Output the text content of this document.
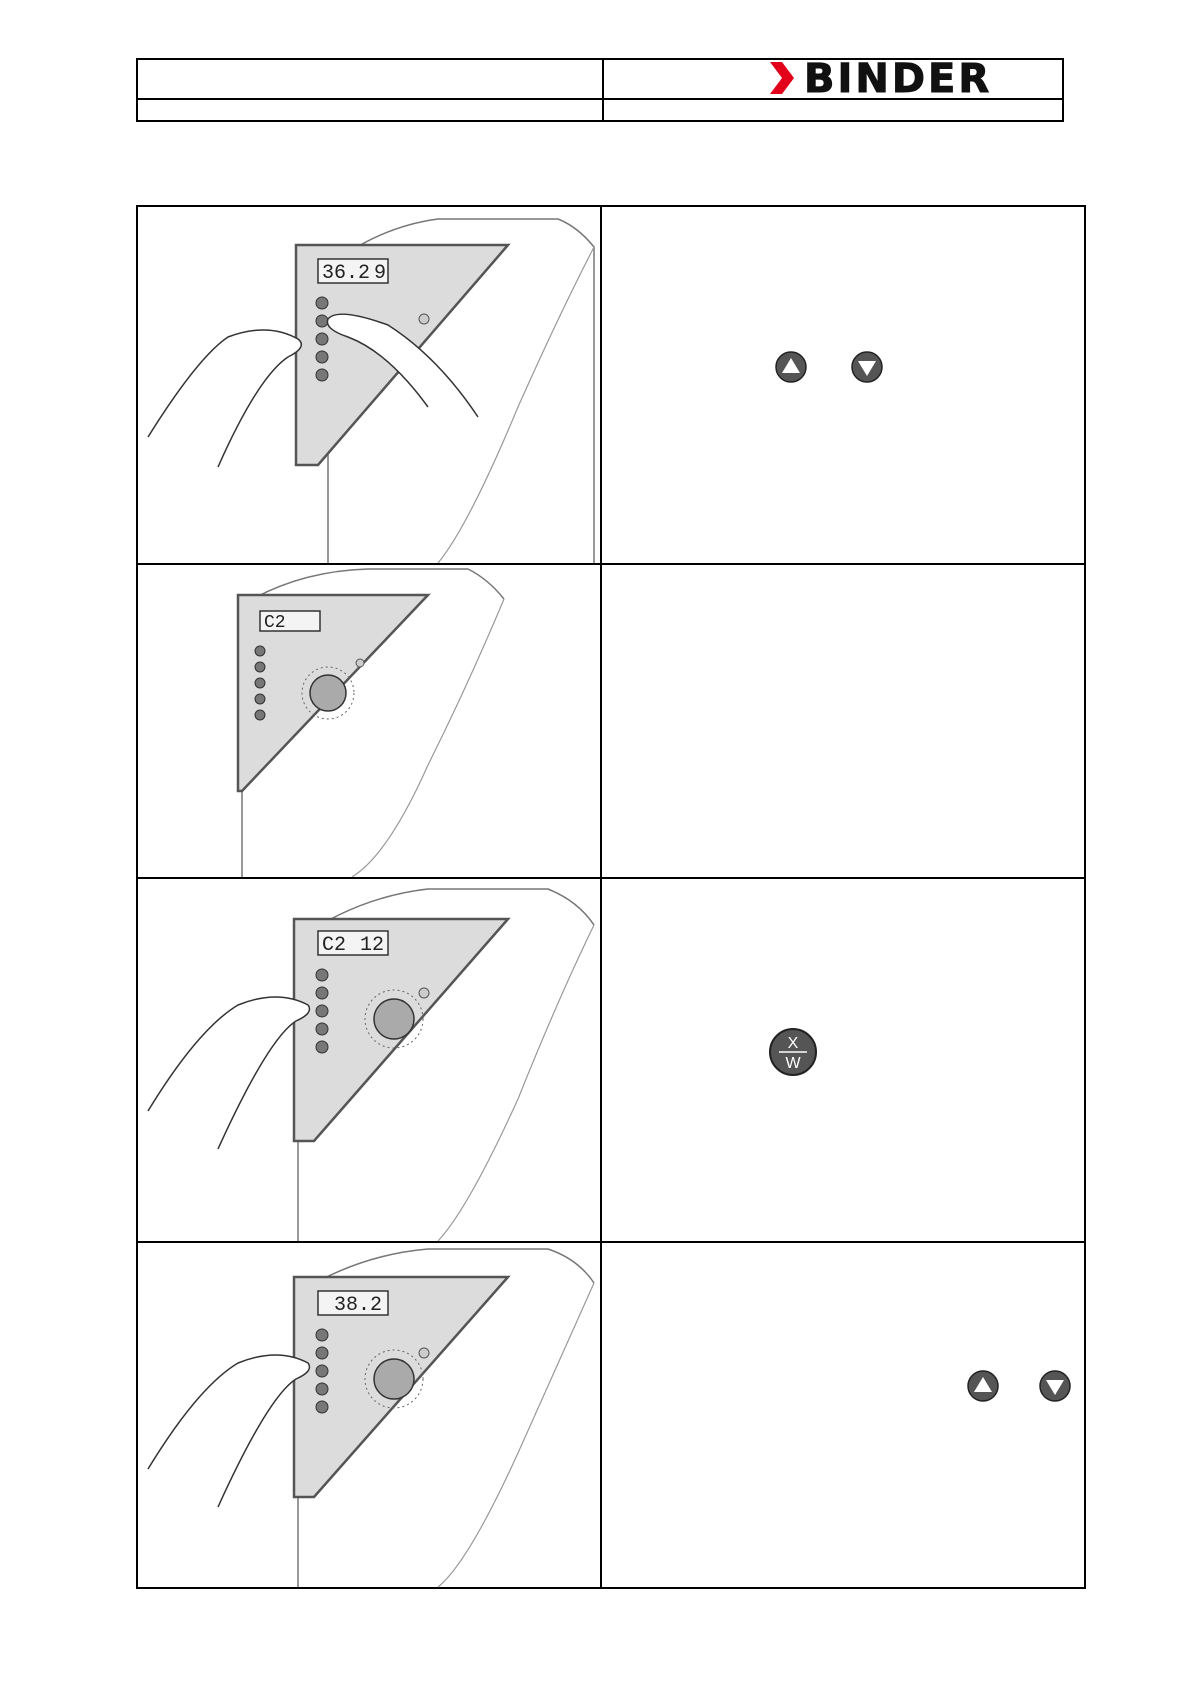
BINDER
36.2 9
C2
C2 12
X
W
38.2
